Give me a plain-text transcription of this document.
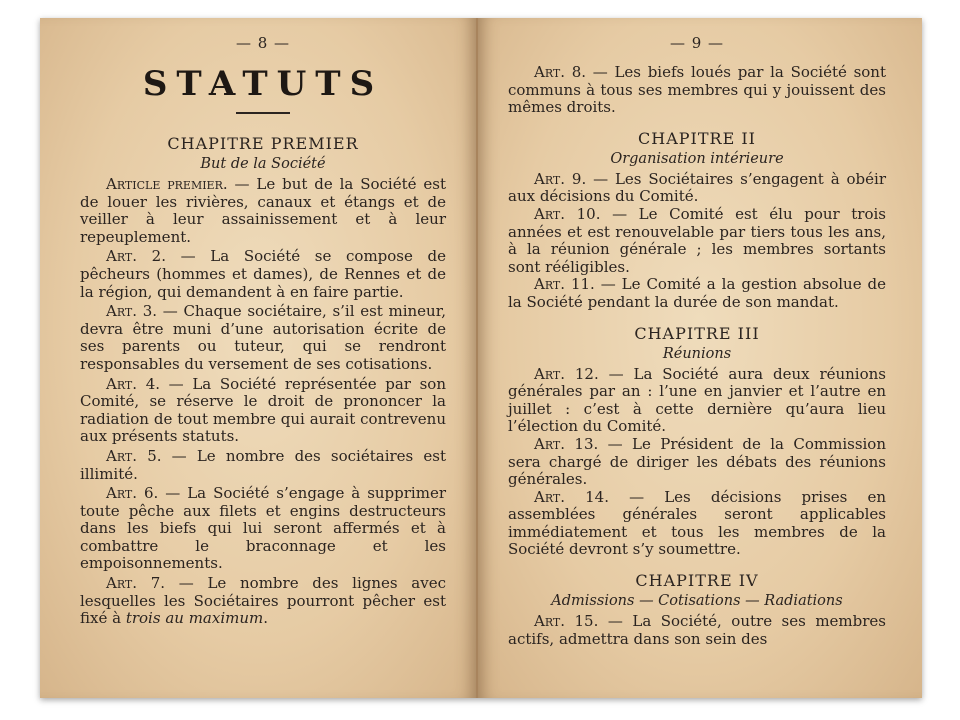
— 8 —
STATUTS
CHAPITRE PREMIER
But de la Société

Article premier. — Le but de la Société est de louer les rivières, canaux et étangs et de veiller à leur assainissement et à leur repeuplement.

Art. 2. — La Société se compose de pêcheurs (hommes et dames), de Rennes et de la région, qui demandent à en faire partie.

Art. 3. — Chaque sociétaire, s’il est mineur, devra être muni d’une autorisation écrite de ses parents ou tuteur, qui se rendront responsables du versement de ses cotisations.

Art. 4. — La Société représentée par son Comité, se réserve le droit de prononcer la radiation de tout membre qui aurait contrevenu aux présents statuts.

Art. 5. — Le nombre des sociétaires est illimité.

Art. 6. — La Société s’engage à supprimer toute pêche aux filets et engins destructeurs dans les biefs qui lui seront affermés et à combattre le braconnage et les empoisonnements.

Art. 7. — Le nombre des lignes avec lesquelles les Sociétaires pourront pêcher est fixé à trois au maximum.

— 9 —

Art. 8. — Les biefs loués par la Société sont communs à tous ses membres qui y jouissent des mêmes droits.

CHAPITRE II
Organisation intérieure

Art. 9. — Les Sociétaires s’engagent à obéir aux décisions du Comité.

Art. 10. — Le Comité est élu pour trois années et est renouvelable par tiers tous les ans, à la réunion générale ; les membres sortants sont rééligibles.

Art. 11. — Le Comité a la gestion absolue de la Société pendant la durée de son mandat.

CHAPITRE III
Réunions

Art. 12. — La Société aura deux réunions générales par an : l’une en janvier et l’autre en juillet : c’est à cette dernière qu’aura lieu l’élection du Comité.

Art. 13. — Le Président de la Commission sera chargé de diriger les débats des réunions générales.

Art. 14. — Les décisions prises en assemblées générales seront applicables immédiatement et tous les membres de la Société devront s’y soumettre.

CHAPITRE IV
Admissions — Cotisations — Radiations

Art. 15. — La Société, outre ses membres actifs, admettra dans son sein des
